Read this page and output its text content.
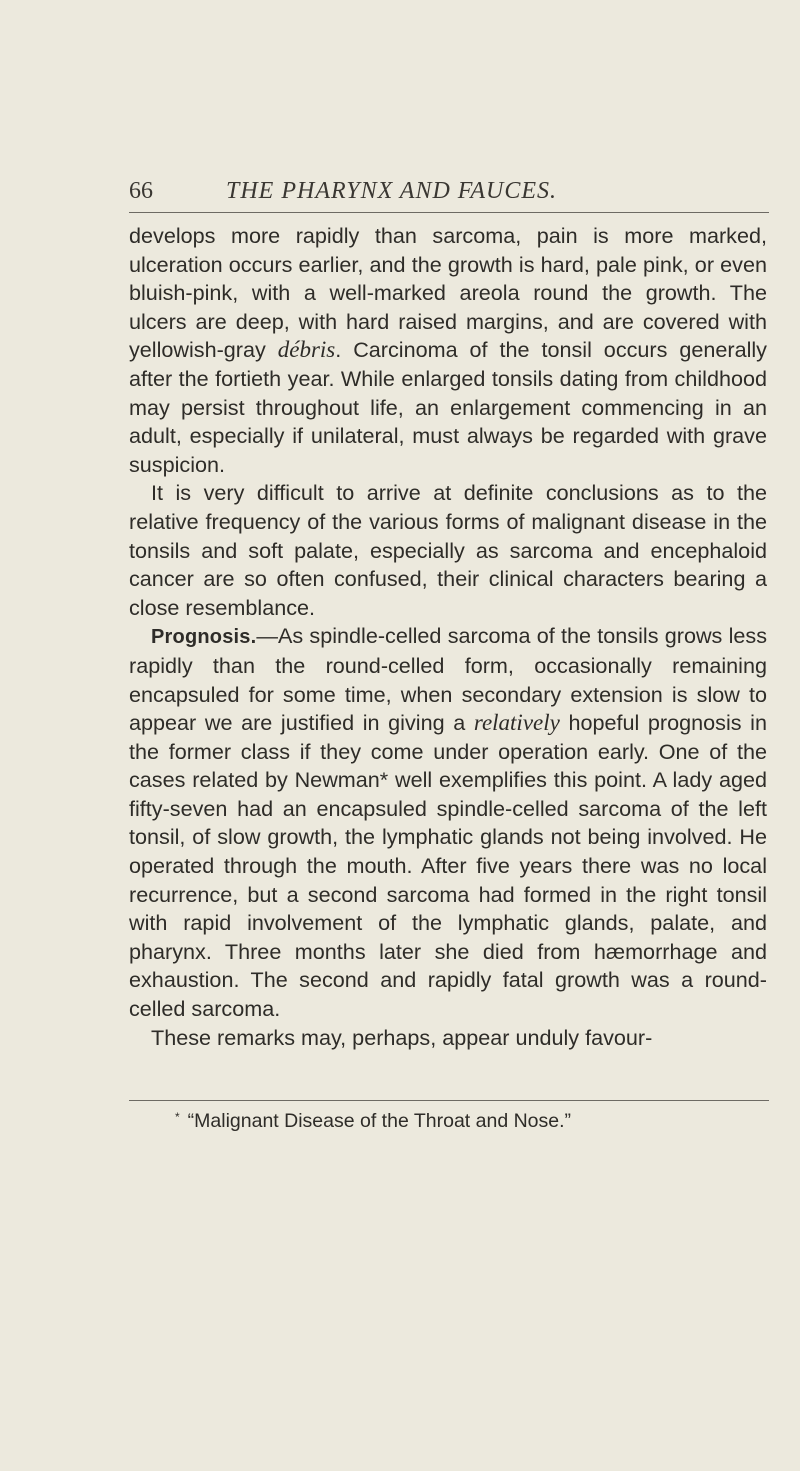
66	THE PHARYNX AND FAUCES.

develops more rapidly than sarcoma, pain is more marked, ulceration occurs earlier, and the growth is hard, pale pink, or even bluish-pink, with a well-marked areola round the growth. The ulcers are deep, with hard raised margins, and are covered with yellowish-gray débris. Carcinoma of the tonsil occurs generally after the fortieth year. While enlarged tonsils dating from childhood may persist throughout life, an enlargement commencing in an adult, especially if unilateral, must always be regarded with grave suspicion.

It is very difficult to arrive at definite conclusions as to the relative frequency of the various forms of malignant disease in the tonsils and soft palate, especially as sarcoma and encephaloid cancer are so often confused, their clinical characters bearing a close resemblance.

Prognosis.—As spindle-celled sarcoma of the tonsils grows less rapidly than the round-celled form, occasionally remaining encapsuled for some time, when secondary extension is slow to appear we are justified in giving a relatively hopeful prognosis in the former class if they come under operation early. One of the cases related by Newman* well exemplifies this point. A lady aged fifty-seven had an encapsuled spindle-celled sarcoma of the left tonsil, of slow growth, the lymphatic glands not being involved. He operated through the mouth. After five years there was no local recurrence, but a second sarcoma had formed in the right tonsil with rapid involvement of the lymphatic glands, palate, and pharynx. Three months later she died from hæmorrhage and exhaustion. The second and rapidly fatal growth was a round-celled sarcoma.

These remarks may, perhaps, appear unduly favour-

* “Malignant Disease of the Throat and Nose.”
